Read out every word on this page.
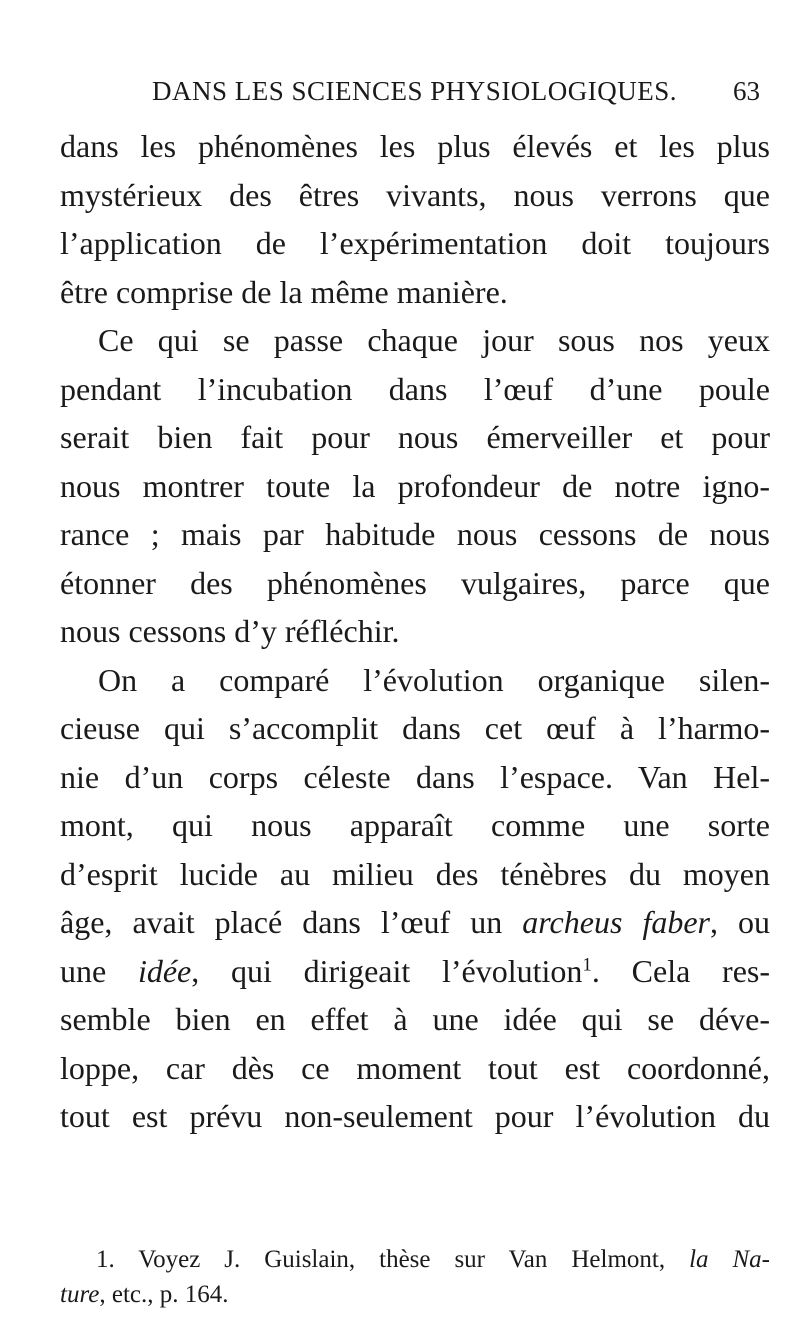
DANS LES SCIENCES PHYSIOLOGIQUES. 63
dans les phénomènes les plus élevés et les plus
mystérieux des êtres vivants, nous verrons que
l’application de l’expérimentation doit toujours
être comprise de la même manière.
Ce qui se passe chaque jour sous nos yeux
pendant l’incubation dans l’œuf d’une poule
serait bien fait pour nous émerveiller et pour
nous montrer toute la profondeur de notre igno-
rance ; mais par habitude nous cessons de nous
étonner des phénomènes vulgaires, parce que
nous cessons d’y réfléchir.
On a comparé l’évolution organique silen-
cieuse qui s’accomplit dans cet œuf à l’harmo-
nie d’un corps céleste dans l’espace. Van Hel-
mont, qui nous apparaît comme une sorte
d’esprit lucide au milieu des ténèbres du moyen
âge, avait placé dans l’œuf un archeus faber, ou
une idée, qui dirigeait l’évolution$^1$. Cela res-
semble bien en effet à une idée qui se déve-
loppe, car dès ce moment tout est coordonné,
tout est prévu non-seulement pour l’évolution du
1. Voyez J. Guislain, thèse sur Van Helmont, la Na-
ture, etc., p. 164.
